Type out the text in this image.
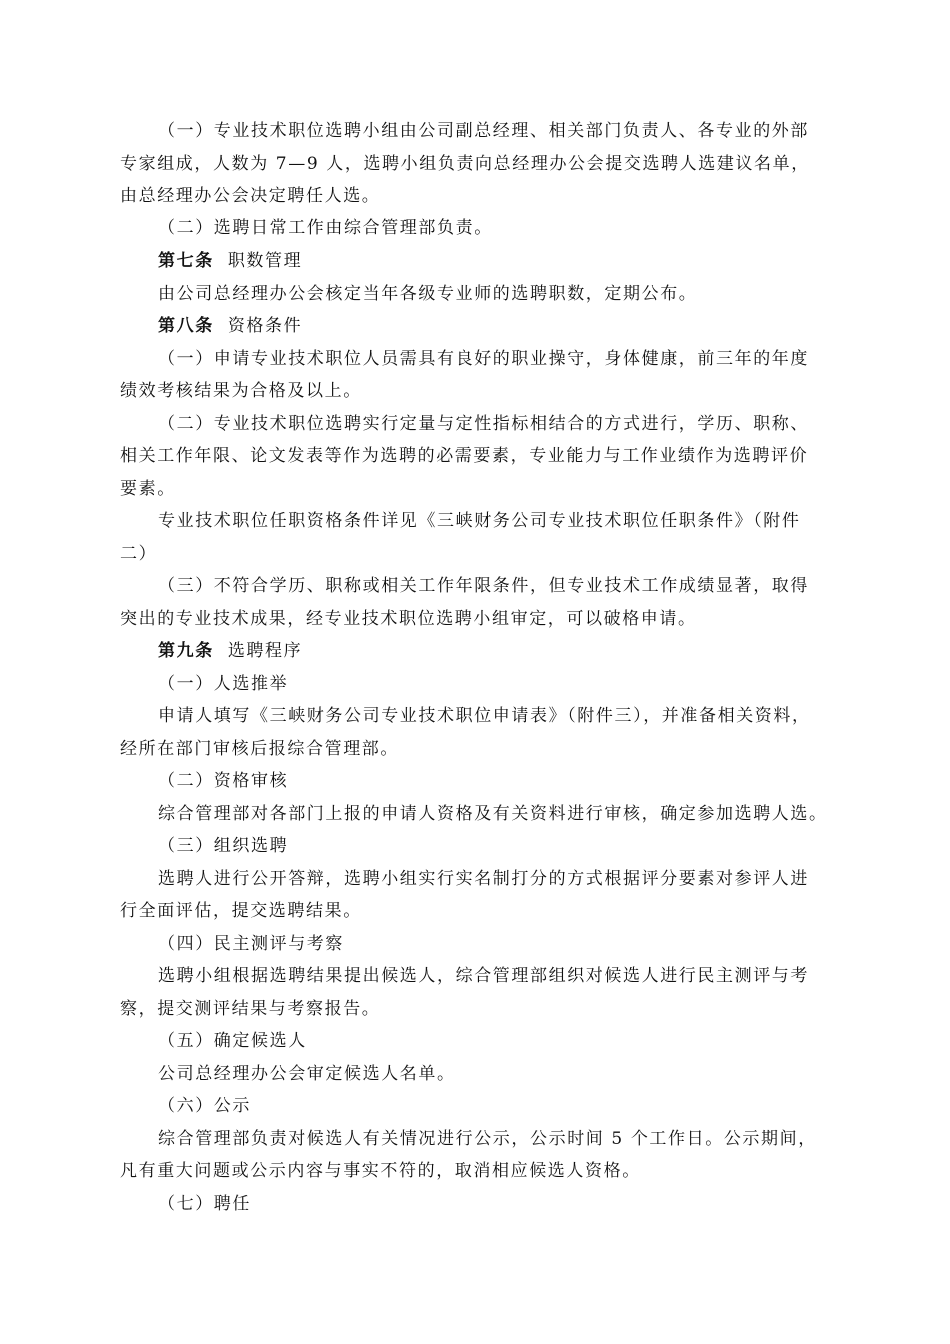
（一）专业技术职位选聘小组由公司副总经理、相关部门负责人、各专业的外部
专家组成，人数为 7—9 人，选聘小组负责向总经理办公会提交选聘人选建议名单，
由总经理办公会决定聘任人选。
（二）选聘日常工作由综合管理部负责。
第七条 职数管理
由公司总经理办公会核定当年各级专业师的选聘职数，定期公布。
第八条 资格条件
（一）申请专业技术职位人员需具有良好的职业操守，身体健康，前三年的年度
绩效考核结果为合格及以上。
（二）专业技术职位选聘实行定量与定性指标相结合的方式进行，学历、职称、
相关工作年限、论文发表等作为选聘的必需要素，专业能力与工作业绩作为选聘评价
要素。
专业技术职位任职资格条件详见《三峡财务公司专业技术职位任职条件》（附件
二）
（三）不符合学历、职称或相关工作年限条件，但专业技术工作成绩显著，取得
突出的专业技术成果，经专业技术职位选聘小组审定，可以破格申请。
第九条 选聘程序
（一）人选推举
申请人填写《三峡财务公司专业技术职位申请表》（附件三），并准备相关资料，
经所在部门审核后报综合管理部。
（二）资格审核
综合管理部对各部门上报的申请人资格及有关资料进行审核，确定参加选聘人选。
（三）组织选聘
选聘人进行公开答辩，选聘小组实行实名制打分的方式根据评分要素对参评人进
行全面评估，提交选聘结果。
（四）民主测评与考察
选聘小组根据选聘结果提出候选人，综合管理部组织对候选人进行民主测评与考
察，提交测评结果与考察报告。
（五）确定候选人
公司总经理办公会审定候选人名单。
（六）公示
综合管理部负责对候选人有关情况进行公示，公示时间 5 个工作日。公示期间，
凡有重大问题或公示内容与事实不符的，取消相应候选人资格。
（七）聘任
